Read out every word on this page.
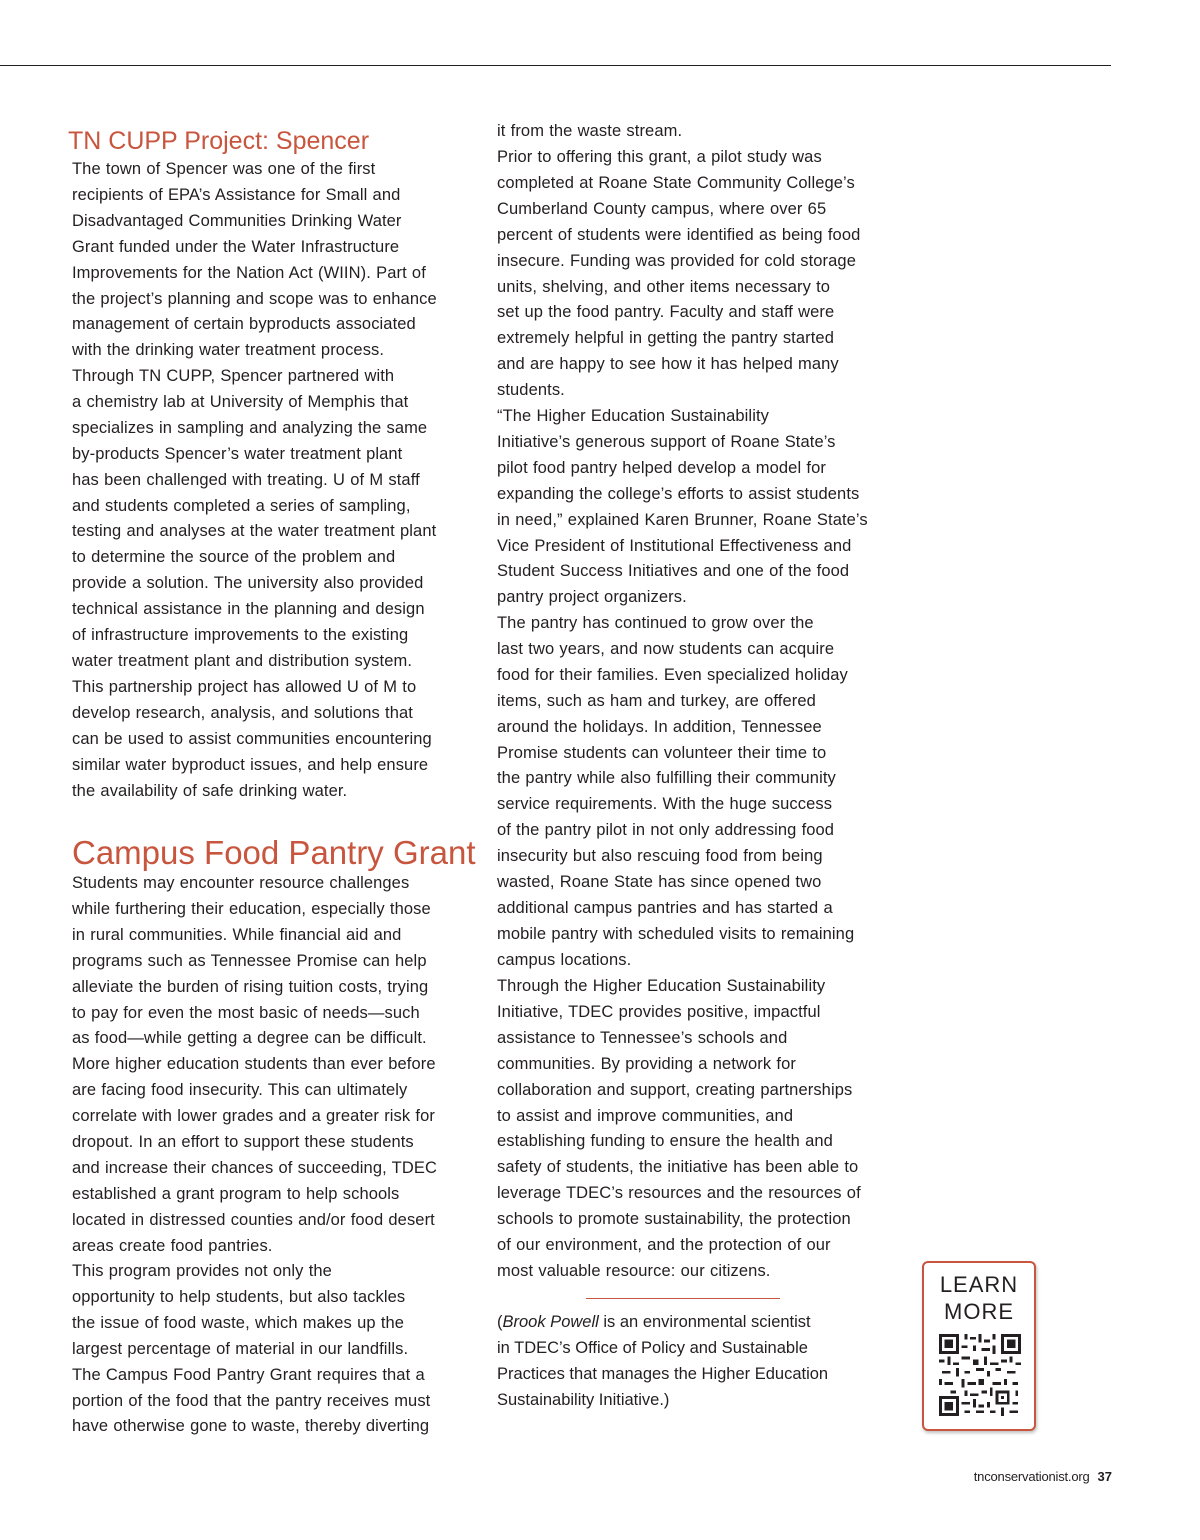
TN CUPP Project: Spencer

The town of Spencer was one of the first
recipients of EPA’s Assistance for Small and
Disadvantaged Communities Drinking Water
Grant funded under the Water Infrastructure
Improvements for the Nation Act (WIIN). Part of
the project’s planning and scope was to enhance
management of certain byproducts associated
with the drinking water treatment process.

Through TN CUPP, Spencer partnered with
a chemistry lab at University of Memphis that
specializes in sampling and analyzing the same
by-products Spencer’s water treatment plant
has been challenged with treating. U of M staff
and students completed a series of sampling,
testing and analyses at the water treatment plant
to determine the source of the problem and
provide a solution. The university also provided
technical assistance in the planning and design
of infrastructure improvements to the existing
water treatment plant and distribution system.
This partnership project has allowed U of M to
develop research, analysis, and solutions that
can be used to assist communities encountering
similar water byproduct issues, and help ensure
the availability of safe drinking water.

Campus Food Pantry Grant

Students may encounter resource challenges
while furthering their education, especially those
in rural communities. While financial aid and
programs such as Tennessee Promise can help
alleviate the burden of rising tuition costs, trying
to pay for even the most basic of needs—such
as food—while getting a degree can be difficult.
More higher education students than ever before
are facing food insecurity. This can ultimately
correlate with lower grades and a greater risk for
dropout. In an effort to support these students
and increase their chances of succeeding, TDEC
established a grant program to help schools
located in distressed counties and/or food desert
areas create food pantries.

This program provides not only the
opportunity to help students, but also tackles
the issue of food waste, which makes up the
largest percentage of material in our landfills.
The Campus Food Pantry Grant requires that a
portion of the food that the pantry receives must
have otherwise gone to waste, thereby diverting

it from the waste stream.

Prior to offering this grant, a pilot study was
completed at Roane State Community College’s
Cumberland County campus, where over 65
percent of students were identified as being food
insecure. Funding was provided for cold storage
units, shelving, and other items necessary to
set up the food pantry. Faculty and staff were
extremely helpful in getting the pantry started
and are happy to see how it has helped many
students.

“The Higher Education Sustainability
Initiative’s generous support of Roane State’s
pilot food pantry helped develop a model for
expanding the college’s efforts to assist students
in need,” explained Karen Brunner, Roane State’s
Vice President of Institutional Effectiveness and
Student Success Initiatives and one of the food
pantry project organizers.

The pantry has continued to grow over the
last two years, and now students can acquire
food for their families. Even specialized holiday
items, such as ham and turkey, are offered
around the holidays. In addition, Tennessee
Promise students can volunteer their time to
the pantry while also fulfilling their community
service requirements. With the huge success
of the pantry pilot in not only addressing food
insecurity but also rescuing food from being
wasted, Roane State has since opened two
additional campus pantries and has started a
mobile pantry with scheduled visits to remaining
campus locations.

Through the Higher Education Sustainability
Initiative, TDEC provides positive, impactful
assistance to Tennessee’s schools and
communities. By providing a network for
collaboration and support, creating partnerships
to assist and improve communities, and
establishing funding to ensure the health and
safety of students, the initiative has been able to
leverage TDEC’s resources and the resources of
schools to promote sustainability, the protection
of our environment, and the protection of our
most valuable resource: our citizens.

(Brook Powell is an environmental scientist
in TDEC’s Office of Policy and Sustainable
Practices that manages the Higher Education
Sustainability Initiative.)

LEARN
MORE
tnconservationist.org 37
